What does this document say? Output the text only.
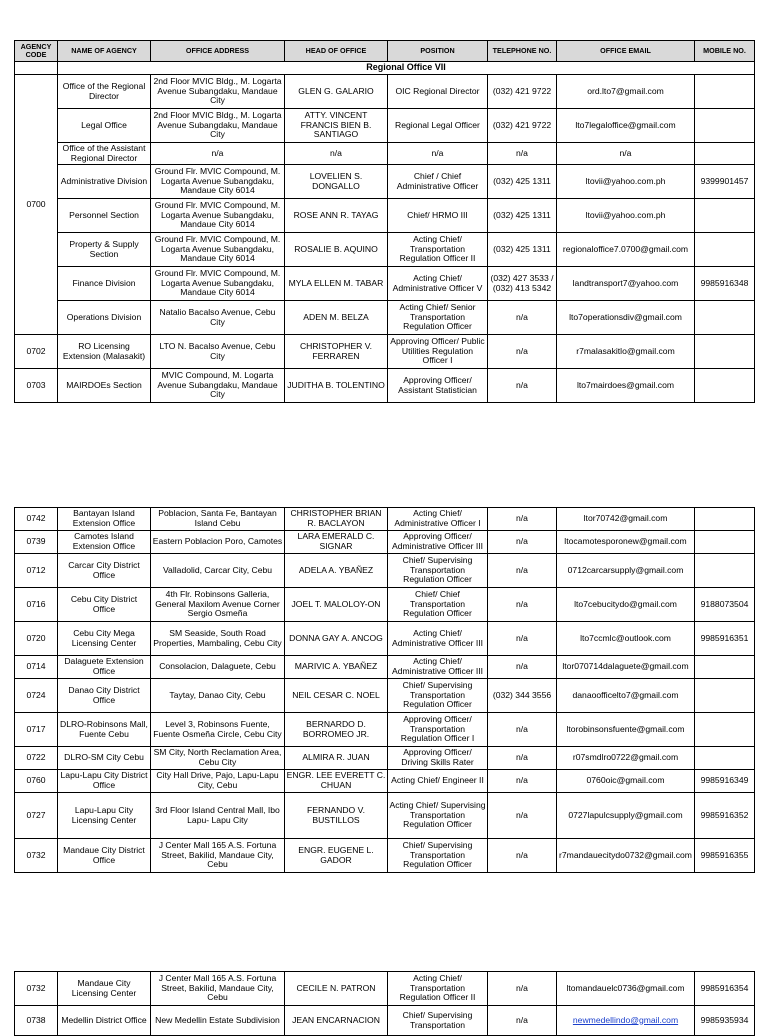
AGENCY CODE	NAME OF AGENCY	OFFICE ADDRESS	HEAD OF OFFICE	POSITION	TELEPHONE NO.	OFFICE EMAIL	MOBILE NO.
	Regional Office VII						
0700	Office of the Regional Director	2nd Floor MVIC Bldg., M. Logarta Avenue Subangdaku, Mandaue City	GLEN G. GALARIO	OIC Regional Director	(032) 421 9722	ord.lto7@gmail.com	
	Legal Office	2nd Floor MVIC Bldg., M. Logarta Avenue Subangdaku, Mandaue City	ATTY. VINCENT FRANCIS BIEN B. SANTIAGO	Regional Legal Officer	(032) 421 9722	lto7legaloffice@gmail.com	
	Office of the Assistant Regional Director	n/a	n/a	n/a	n/a	n/a	
	Administrative Division	Ground Flr. MVIC Compound, M. Logarta Avenue Subangdaku, Mandaue City 6014	LOVELIEN S. DONGALLO	Chief / Chief Administrative Officer	(032) 425 1311	ltovii@yahoo.com.ph	9399901457
	Personnel Section	Ground Flr. MVIC Compound, M. Logarta Avenue Subangdaku, Mandaue City 6014	ROSE ANN R. TAYAG	Chief/ HRMO III	(032) 425 1311	ltovii@yahoo.com.ph	
	Property & Supply Section	Ground Flr. MVIC Compound, M. Logarta Avenue Subangdaku, Mandaue City 6014	ROSALIE B. AQUINO	Acting Chief/ Transportation Regulation Officer II	(032) 425 1311	regionaloffice7.0700@gmail.com	
	Finance Division	Ground Flr. MVIC Compound, M. Logarta Avenue Subangdaku, Mandaue City 6014	MYLA ELLEN M. TABAR	Acting Chief/ Administrative Officer V	(032) 427 3533 / (032) 413 5342	landtransport7@yahoo.com	9985916348
	Operations Division	Natalio Bacalso Avenue, Cebu City	ADEN M. BELZA	Acting Chief/ Senior Transportation Regulation Officer	n/a	lto7operationsdiv@gmail.com	
0702	RO Licensing Extension (Malasakit)	LTO N. Bacalso Avenue, Cebu City	CHRISTOPHER V. FERRAREN	Approving Officer/ Public Utilities Regulation Officer I	n/a	r7malasakitlo@gmail.com	
0703	MAIRDOEs Section	MVIC Compound, M. Logarta Avenue Subangdaku, Mandaue City	JUDITHA B. TOLENTINO	Approving Officer/ Assistant Statistician	n/a	lto7mairdoes@gmail.com	
0742	Bantayan Island Extension Office	Poblacion, Santa Fe, Bantayan Island Cebu	CHRISTOPHER BRIAN R. BACLAYON	Acting Chief/ Administrative Officer I	n/a	ltor70742@gmail.com	
0739	Camotes Island Extension Office	Eastern Poblacion Poro, Camotes	LARA EMERALD C. SIGNAR	Approving Officer/ Administrative Officer III	n/a	ltocamotesporonew@gmail.com	
0712	Carcar City District Office	Valladolid, Carcar City, Cebu	ADELA A. YBAÑEZ	Chief/ Supervising Transportation Regulation Officer	n/a	0712carcarsupply@gmail.com	
0716	Cebu City District Office	4th Flr. Robinsons Galleria, General Maxilom Avenue Corner Sergio Osmeña	JOEL T. MALOLOY-ON	Chief/ Chief Transportation Regulation Officer	n/a	lto7cebucitydo@gmail.com	9188073504
0720	Cebu City Mega Licensing Center	SM Seaside, South Road Properties, Mambaling, Cebu City	DONNA GAY A. ANCOG	Acting Chief/ Administrative Officer III	n/a	lto7ccmlc@outlook.com	9985916351
0714	Dalaguete Extension Office	Consolacion, Dalaguete, Cebu	MARIVIC A. YBAÑEZ	Acting Chief/ Administrative Officer III	n/a	ltor070714dalaguete@gmail.com	
0724	Danao City District Office	Taytay, Danao City, Cebu	NEIL CESAR C. NOEL	Chief/ Supervising Transportation Regulation Officer	(032) 344 3556	danaoofficelto7@gmail.com	
0717	DLRO-Robinsons Mall, Fuente Cebu	Level 3, Robinsons Fuente, Fuente Osmeña Circle, Cebu City	BERNARDO D. BORROMEO JR.	Approving Officer/ Transportation Regulation Officer I	n/a	ltorobinsonsfuente@gmail.com	
0722	DLRO-SM City Cebu	SM City, North Reclamation Area, Cebu City	ALMIRA R. JUAN	Approving Officer/ Driving Skills Rater	n/a	r07smdlro0722@gmail.com	
0760	Lapu-Lapu City District Office	City Hall Drive, Pajo, Lapu-Lapu City, Cebu	ENGR. LEE EVERETT C. CHUAN	Acting Chief/ Engineer II	n/a	0760oic@gmail.com	9985916349
0727	Lapu-Lapu City Licensing Center	3rd Floor Island Central Mall, Ibo Lapu- Lapu City	FERNANDO V. BUSTILLOS	Acting Chief/ Supervising Transportation Regulation Officer	n/a	0727lapulcsupply@gmail.com	9985916352
0732	Mandaue City District Office	J Center Mall 165 A.S. Fortuna Street, Bakilid, Mandaue City, Cebu	ENGR. EUGENE L. GADOR	Chief/ Supervising Transportation Regulation Officer	n/a	r7mandauecitydo0732@gmail.com	9985916355
0732	Mandaue City Licensing Center	J Center Mall 165 A.S. Fortuna Street, Bakilid, Mandaue City, Cebu	CECILE N. PATRON	Acting Chief/ Transportation Regulation Officer II	n/a	ltomandauelc0736@gmail.com	9985916354
0738	Medellin District Office	New Medellin Estate Subdivision	JEAN ENCARNACION	Chief/ Supervising Transportation	n/a	newmedellindo@gmail.com	9985935934
